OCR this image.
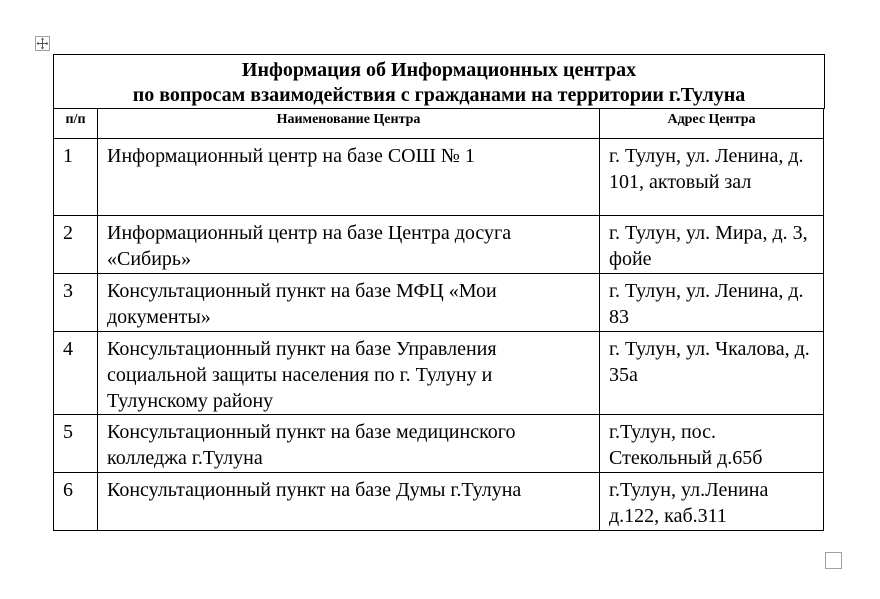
Информация об Информационных центрах
по вопросам взаимодействия с гражданами на территории г.Тулуна
п/п	Наименование Центра	Адрес Центра
1	Информационный центр на базе СОШ № 1	г. Тулун, ул. Ленина, д. 101, актовый зал
2	Информационный центр на базе Центра досуга «Сибирь»	г. Тулун, ул. Мира, д. 3, фойе
3	Консультационный пункт на базе МФЦ «Мои документы»	г. Тулун, ул. Ленина, д. 83
4	Консультационный пункт на базе Управления социальной защиты населения по г. Тулуну и Тулунскому району	г. Тулун, ул. Чкалова, д. 35а
5	Консультационный пункт на базе медицинского колледжа г.Тулуна	г.Тулун, пос. Стекольный д.65б
6	Консультационный пункт на базе Думы г.Тулуна	г.Тулун, ул.Ленина д.122, каб.311
